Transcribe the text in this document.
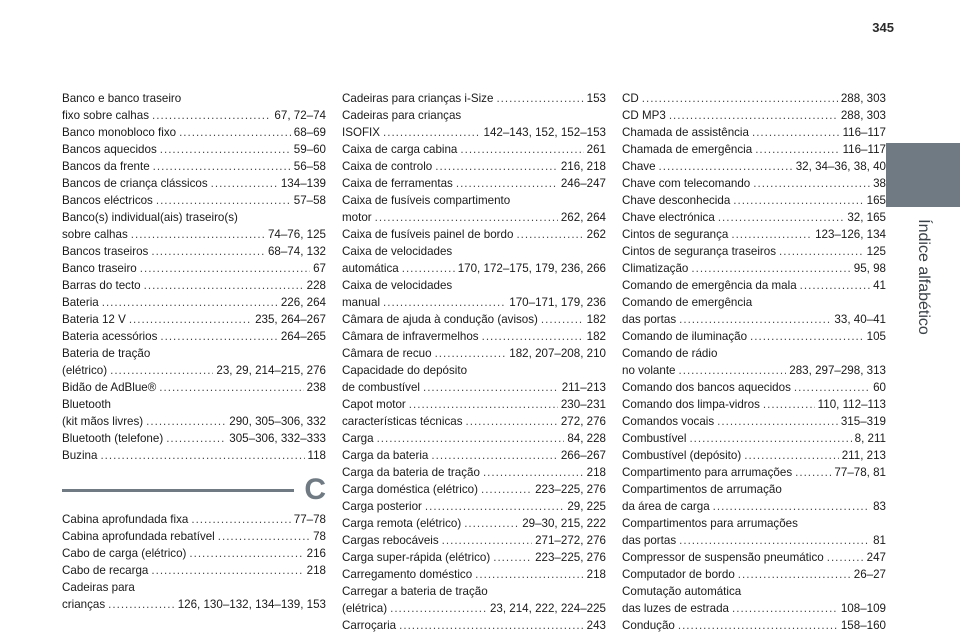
345
Índice alfabético
Banco e banco traseiro
fixo sobre calhas .....	67, 72–74
Banco monobloco fixo .....	68–69
Bancos aquecidos .....	59–60
Bancos da frente .....	56–58
Bancos de criança clássicos .....	134–139
Bancos eléctricos .....	57–58
Banco(s) individual(ais) traseiro(s)
sobre calhas .....	74–76, 125
Bancos traseiros .....	68–74, 132
Banco traseiro .....	67
Barras do tecto .....	228
Bateria .....	226, 264
Bateria 12 V .....	235, 264–267
Bateria acessórios .....	264–265
Bateria de tração
(elétrico) .....	23, 29, 214–215, 276
Bidão de AdBlue® .....	238
Bluetooth
(kit mãos livres) .....	290, 305–306, 332
Bluetooth (telefone) .....	305–306, 332–333
Buzina .....	118
C
Cabina aprofundada fixa .....	77–78
Cabina aprofundada rebatível .....	78
Cabo de carga (elétrico) .....	216
Cabo de recarga .....	218
Cadeiras para
crianças .....	126, 130–132, 134–139, 153
Cadeiras para crianças i-Size .....	153
Cadeiras para crianças
ISOFIX .....	142–143, 152, 152–153
Caixa de carga cabina .....	261
Caixa de controlo .....	216, 218
Caixa de ferramentas .....	246–247
Caixa de fusíveis compartimento
motor .....	262, 264
Caixa de fusíveis painel de bordo .....	262
Caixa de velocidades
automática .....	170, 172–175, 179, 236, 266
Caixa de velocidades
manual .....	170–171, 179, 236
Câmara de ajuda à condução (avisos) .....	182
Câmara de infravermelhos .....	182
Câmara de recuo .....	182, 207–208, 210
Capacidade do depósito
de combustível .....	211–213
Capot motor .....	230–231
características técnicas .....	272, 276
Carga .....	84, 228
Carga da bateria .....	266–267
Carga da bateria de tração .....	218
Carga doméstica (elétrico) .....	223–225, 276
Carga posterior .....	29, 225
Carga remota (elétrico) .....	29–30, 215, 222
Cargas rebocáveis .....	271–272, 276
Carga super-rápida (elétrico) .....	223–225, 276
Carregamento doméstico .....	218
Carregar a bateria de tração
(elétrica) .....	23, 214, 222, 224–225
Carroçaria .....	243
CD .....	288, 303
CD MP3 .....	288, 303
Chamada de assistência .....	116–117
Chamada de emergência .....	116–117
Chave .....	32, 34–36, 38, 40
Chave com telecomando .....	38
Chave desconhecida .....	165
Chave electrónica .....	32, 165
Cintos de segurança .....	123–126, 134
Cintos de segurança traseiros .....	125
Climatização .....	95, 98
Comando de emergência da mala .....	41
Comando de emergência
das portas .....	33, 40–41
Comando de iluminação .....	105
Comando de rádio
no volante .....	283, 297–298, 313
Comando dos bancos aquecidos .....	60
Comando dos limpa-vidros .....	110, 112–113
Comandos vocais .....	315–319
Combustível .....	8, 211
Combustível (depósito) .....	211, 213
Compartimento para arrumações .....	77–78, 81
Compartimentos de arrumação
da área de carga .....	83
Compartimentos para arrumações
das portas .....	81
Compressor de suspensão pneumático .....	247
Computador de bordo .....	26–27
Comutação automática
das luzes de estrada .....	108–109
Condução .....	158–160
